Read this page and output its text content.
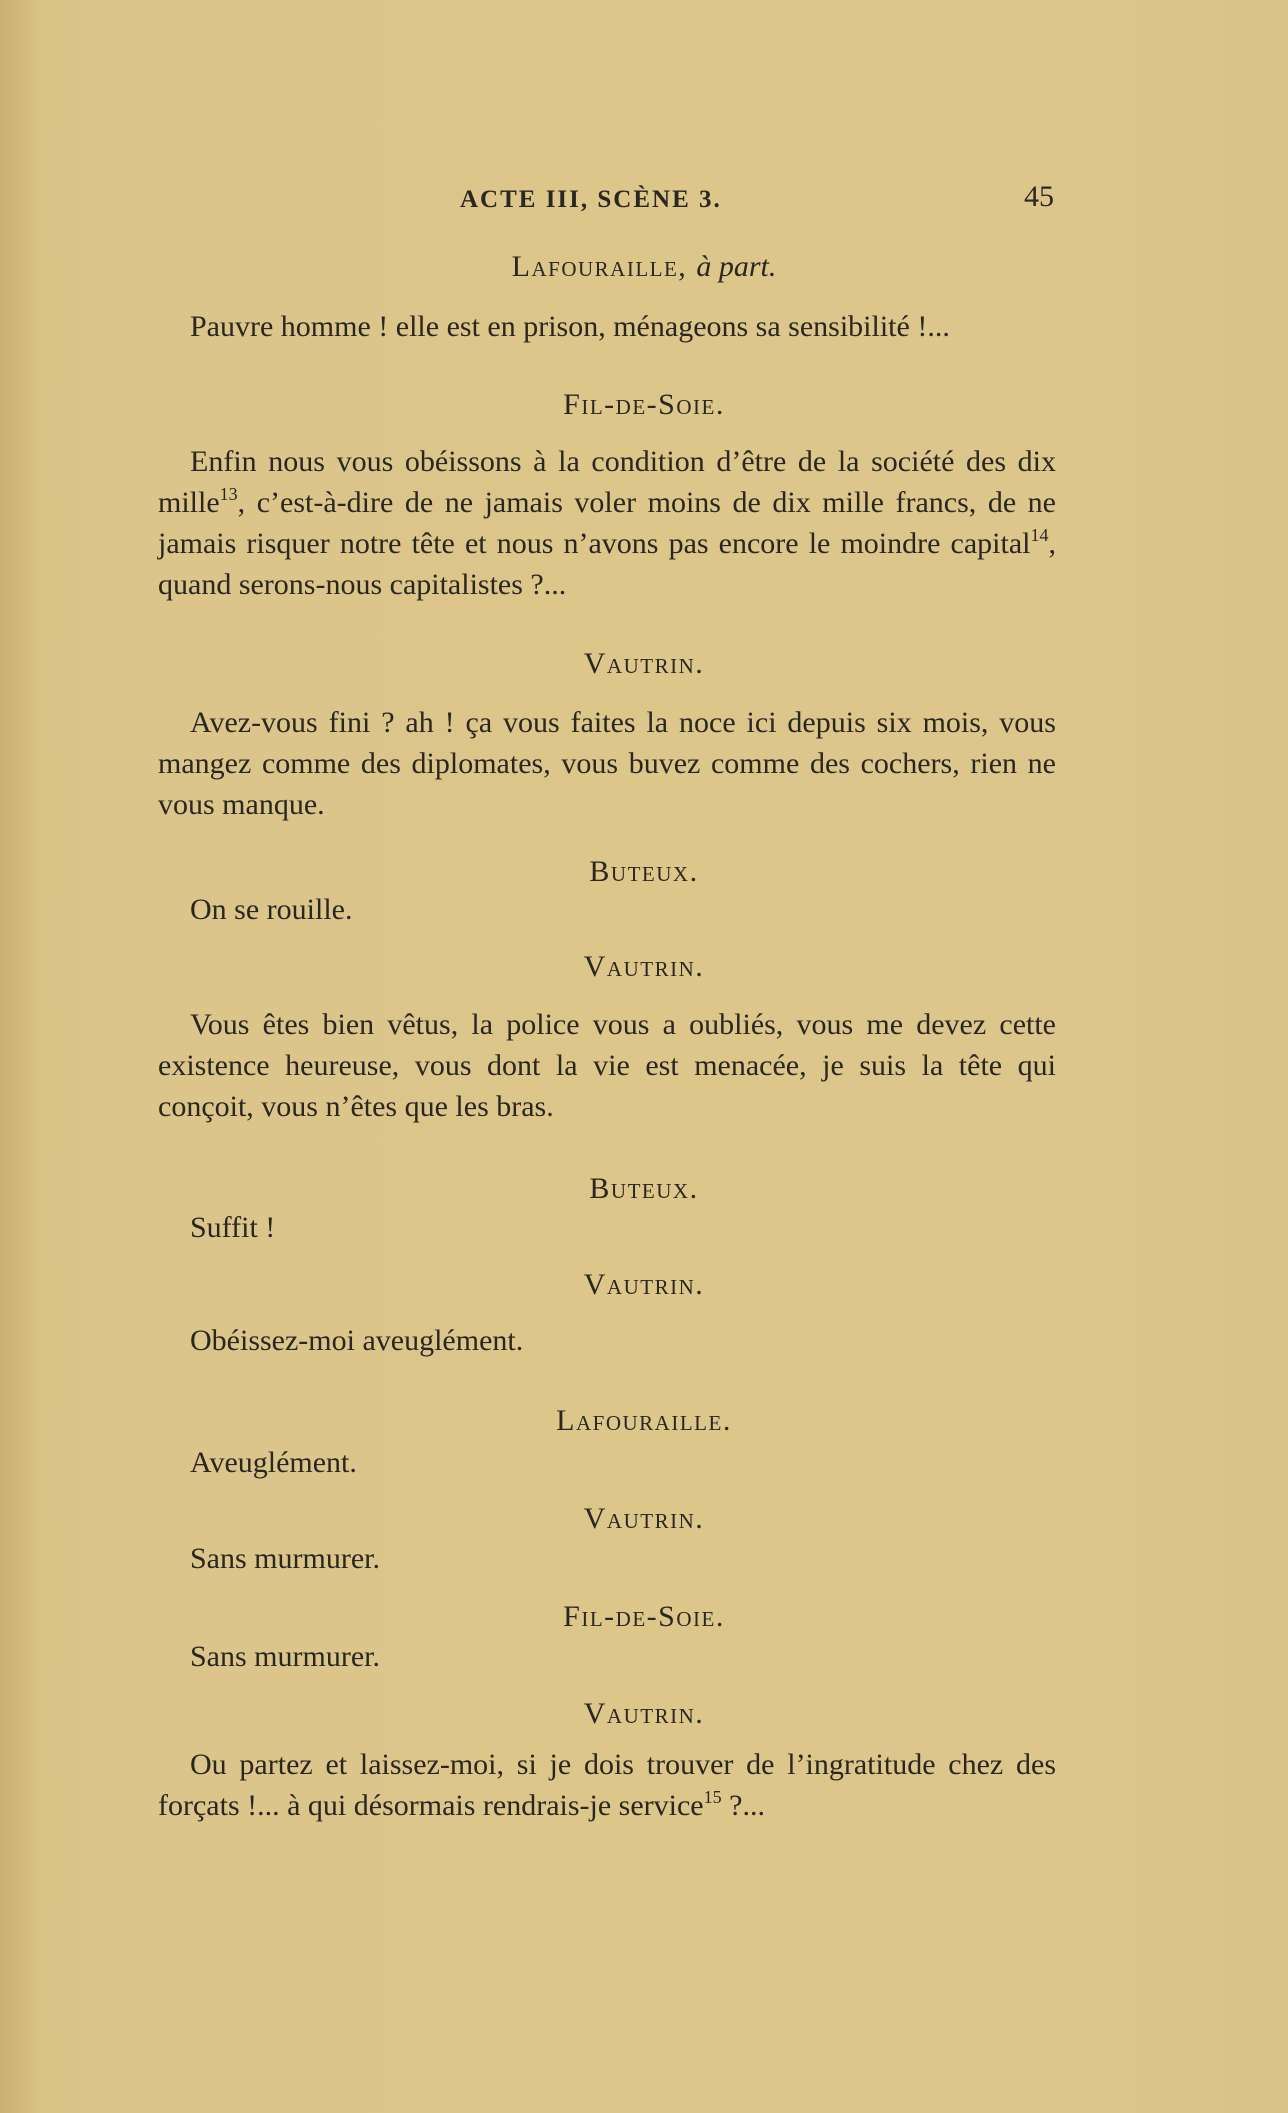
ACTE III, SCÈNE 3.	45
Lafouraille, à part.
Pauvre homme ! elle est en prison, ménageons sa sensibilité !...
Fil-de-Soie.
Enfin nous vous obéissons à la condition d’être de la société des dix mille$^{13}$, c’est-à-dire de ne jamais voler moins de dix mille francs, de ne jamais risquer notre tête et nous n’avons pas encore le moindre capital$^{14}$, quand serons-nous capitalistes ?...
Vautrin.
Avez-vous fini ? ah ! ça vous faites la noce ici depuis six mois, vous mangez comme des diplomates, vous buvez comme des cochers, rien ne vous manque.
Buteux.
On se rouille.
Vautrin.
Vous êtes bien vêtus, la police vous a oubliés, vous me devez cette existence heureuse, vous dont la vie est menacée, je suis la tête qui conçoit, vous n’êtes que les bras.
Buteux.
Suffit !
Vautrin.
Obéissez-moi aveuglément.
Lafouraille.
Aveuglément.
Vautrin.
Sans murmurer.
Fil-de-Soie.
Sans murmurer.
Vautrin.
Ou partez et laissez-moi, si je dois trouver de l’ingratitude chez des forçats !... à qui désormais rendrais-je service$^{15}$ ?...
